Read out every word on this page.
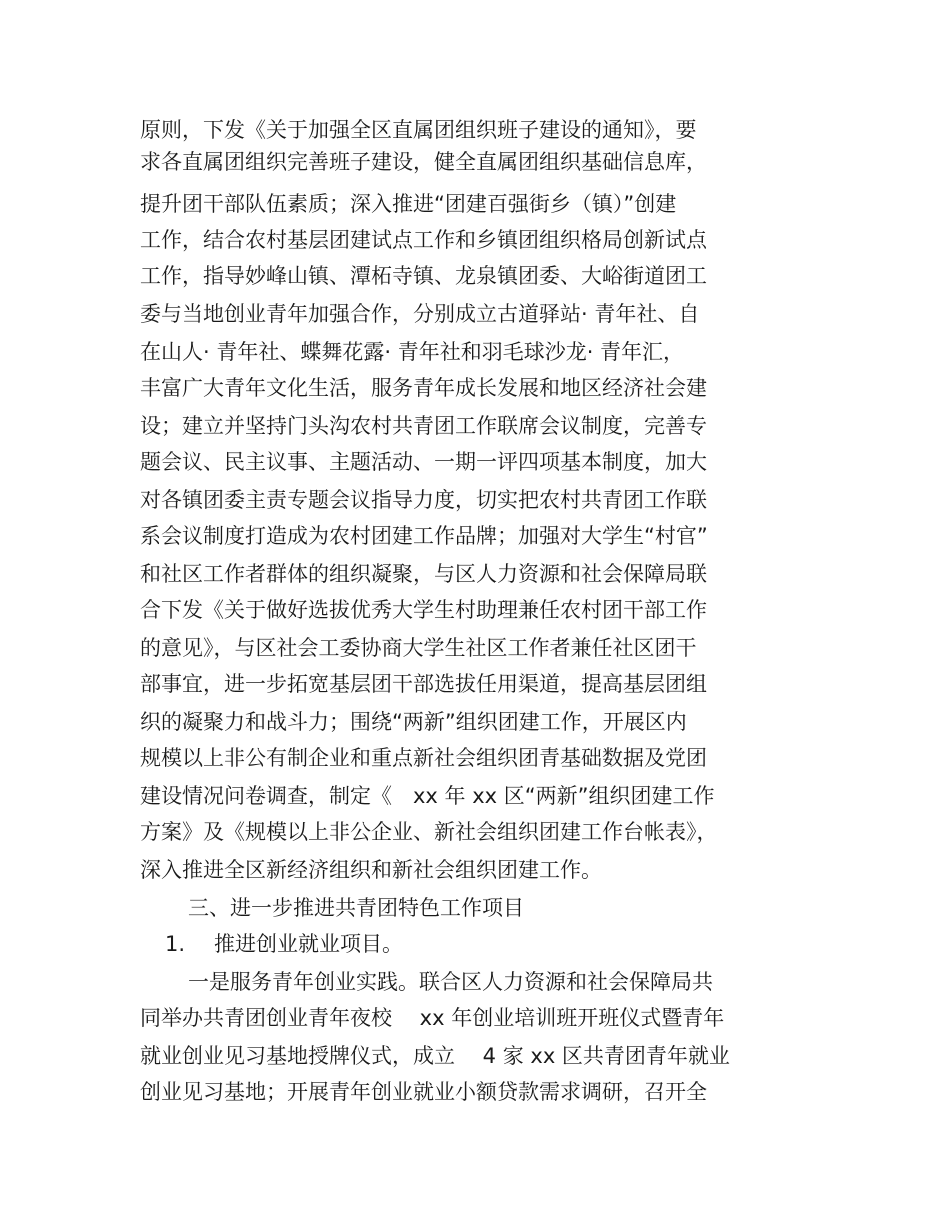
原则，下发《关于加强全区直属团组织班子建设的通知》，要
求各直属团组织完善班子建设，健全直属团组织基础信息库，
提升团干部队伍素质；深入推进“团建百强街乡（镇）”创建
工作，结合农村基层团建试点工作和乡镇团组织格局创新试点
工作，指导妙峰山镇、潭柘寺镇、龙泉镇团委、大峪街道团工
委与当地创业青年加强合作，分别成立古道驿站· 青年社、自
在山人· 青年社、蝶舞花露· 青年社和羽毛球沙龙· 青年汇，
丰富广大青年文化生活，服务青年成长发展和地区经济社会建
设；建立并坚持门头沟农村共青团工作联席会议制度，完善专
题会议、民主议事、主题活动、一期一评四项基本制度，加大
对各镇团委主责专题会议指导力度，切实把农村共青团工作联
系会议制度打造成为农村团建工作品牌；加强对大学生“村官”
和社区工作者群体的组织凝聚，与区人力资源和社会保障局联
合下发《关于做好选拔优秀大学生村助理兼任农村团干部工作
的意见》，与区社会工委协商大学生社区工作者兼任社区团干
部事宜，进一步拓宽基层团干部选拔任用渠道，提高基层团组
织的凝聚力和战斗力；围绕“两新”组织团建工作，开展区内
规模以上非公有制企业和重点新社会组织团青基础数据及党团
建设情况问卷调查，制定《　xx 年 xx 区“两新”组织团建工作
方案》及《规模以上非公企业、新社会组织团建工作台帐表》，
深入推进全区新经济组织和新社会组织团建工作。
三、进一步推进共青团特色工作项目
1. 推进创业就业项目。
一是服务青年创业实践。联合区人力资源和社会保障局共
同举办共青团创业青年夜校　 xx 年创业培训班开班仪式暨青年
就业创业见习基地授牌仪式，成立　 4 家 xx 区共青团青年就业
创业见习基地；开展青年创业就业小额贷款需求调研，召开全
